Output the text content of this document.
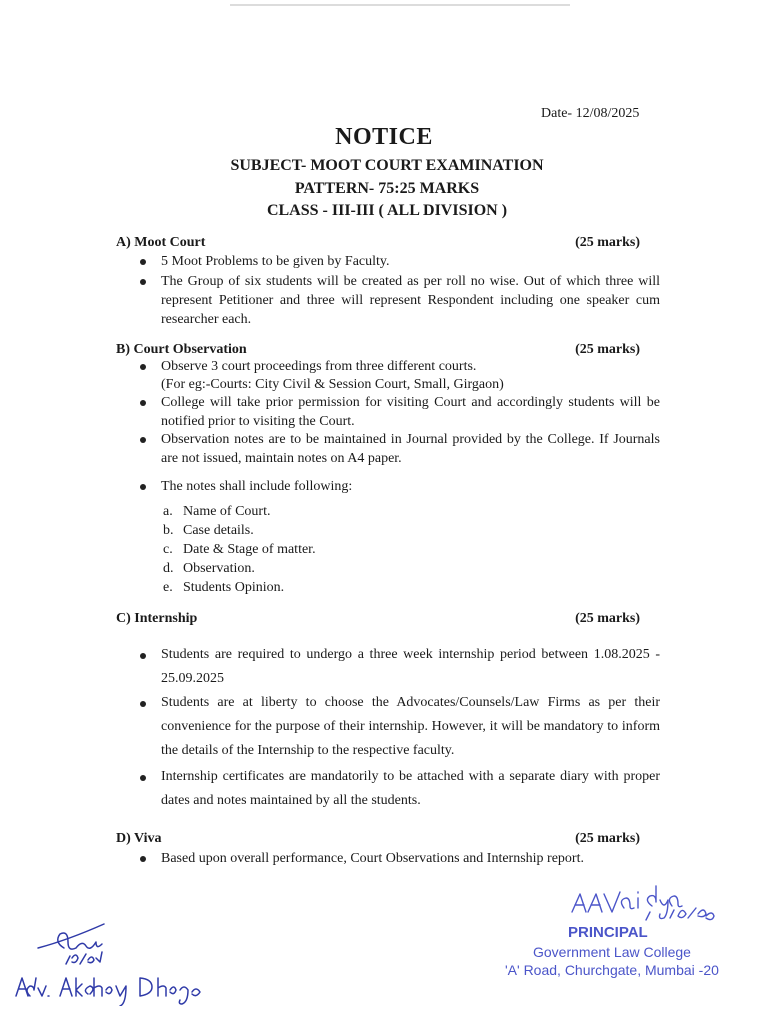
Date- 12/08/2025
NOTICE
SUBJECT- MOOT COURT EXAMINATION
PATTERN- 75:25 MARKS
CLASS - III-III ( ALL DIVISION )
A) Moot Court	(25 marks)
5 Moot Problems to be given by Faculty.
The Group of six students will be created as per roll no wise. Out of which three will represent Petitioner and three will represent Respondent including one speaker cum researcher each.
B) Court Observation	(25 marks)
Observe 3 court proceedings from three different courts.
(For eg:-Courts: City Civil & Session Court, Small, Girgaon)
College will take prior permission for visiting Court and accordingly students will be notified prior to visiting the Court.
Observation notes are to be maintained in Journal provided by the College. If Journals are not issued, maintain notes on A4 paper.
The notes shall include following:
a. Name of Court.
b. Case details.
c. Date & Stage of matter.
d. Observation.
e. Students Opinion.
C) Internship	(25 marks)
Students are required to undergo a three week internship period between 1.08.2025 - 25.09.2025
Students are at liberty to choose the Advocates/Counsels/Law Firms as per their convenience for the purpose of their internship. However, it will be mandatory to inform the details of the Internship to the respective faculty.
Internship certificates are mandatorily to be attached with a separate diary with proper dates and notes maintained by all the students.
D) Viva	(25 marks)
Based upon overall performance, Court Observations and Internship report.
PRINCIPAL
Government Law College
'A' Road, Churchgate, Mumbai -20
